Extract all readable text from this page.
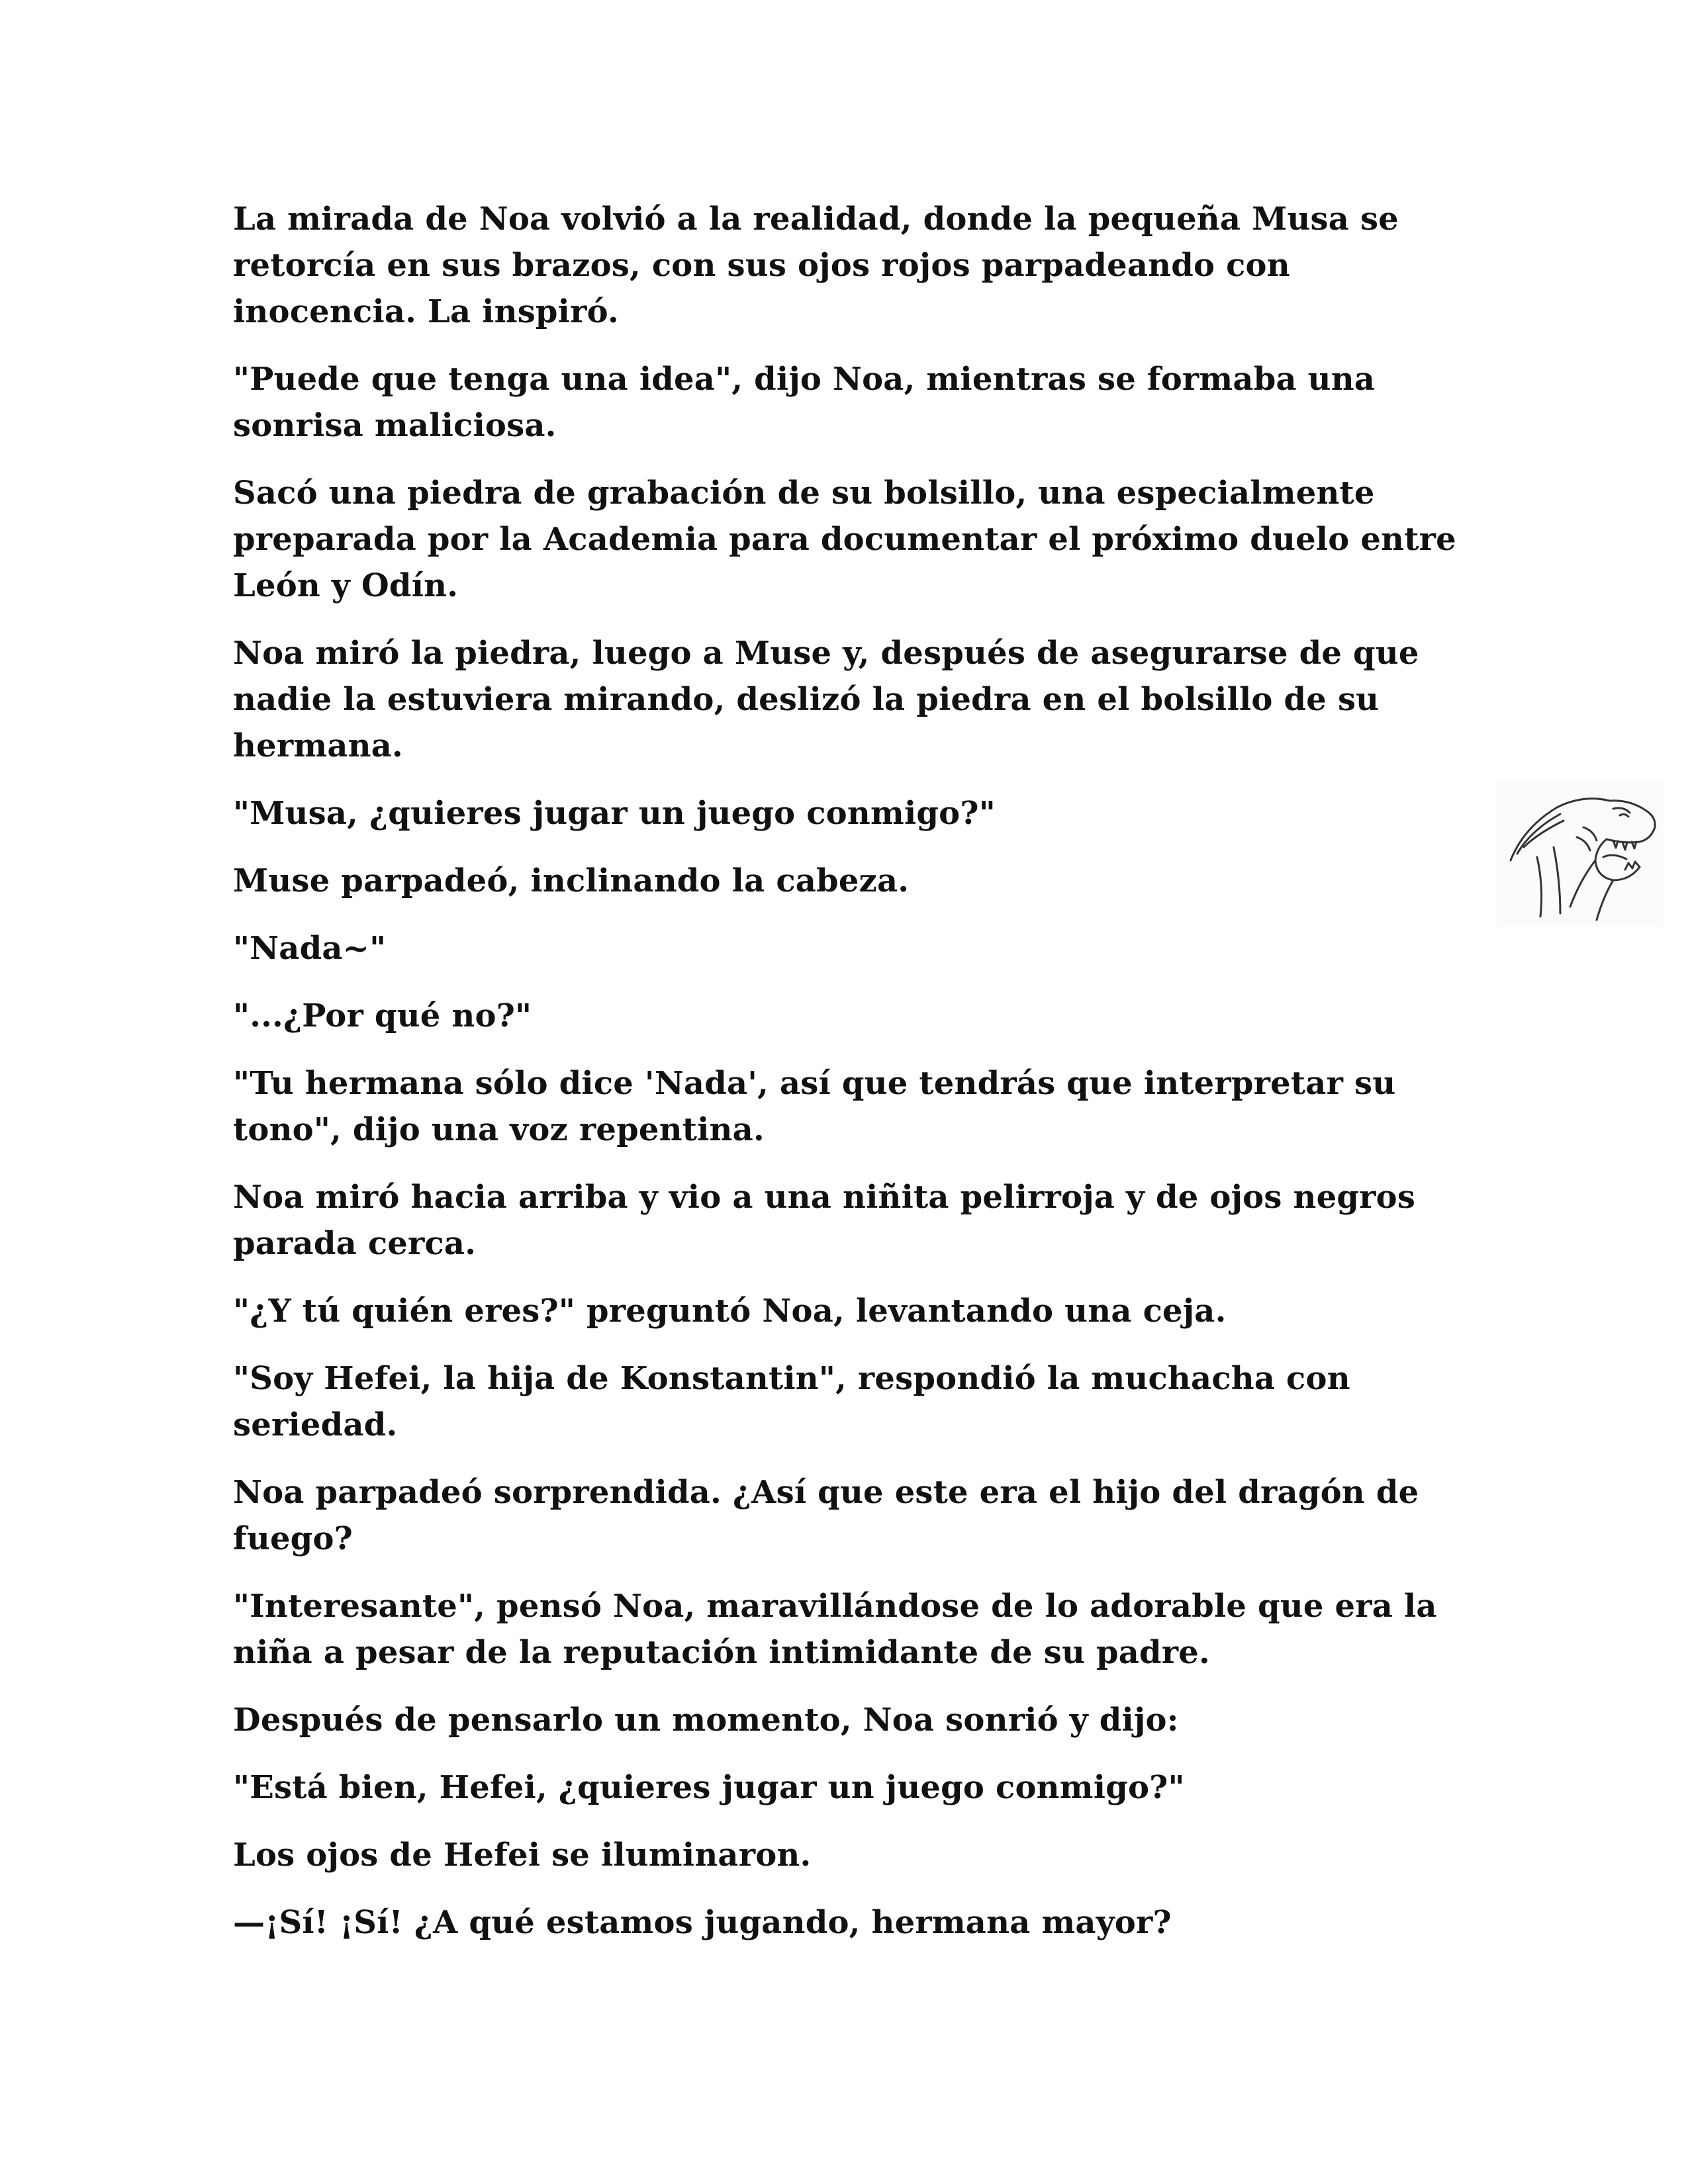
La mirada de Noa volvió a la realidad, donde la pequeña Musa se retorcía en sus brazos, con sus ojos rojos parpadeando con inocencia. La inspiró.

"Puede que tenga una idea", dijo Noa, mientras se formaba una sonrisa maliciosa.

Sacó una piedra de grabación de su bolsillo, una especialmente preparada por la Academia para documentar el próximo duelo entre León y Odín.

Noa miró la piedra, luego a Muse y, después de asegurarse de que nadie la estuviera mirando, deslizó la piedra en el bolsillo de su hermana.

"Musa, ¿quieres jugar un juego conmigo?"

Muse parpadeó, inclinando la cabeza.

"Nada~"

"...¿Por qué no?"

"Tu hermana sólo dice 'Nada', así que tendrás que interpretar su tono", dijo una voz repentina.

Noa miró hacia arriba y vio a una niñita pelirroja y de ojos negros parada cerca.

"¿Y tú quién eres?" preguntó Noa, levantando una ceja.

"Soy Hefei, la hija de Konstantin", respondió la muchacha con seriedad.

Noa parpadeó sorprendida. ¿Así que este era el hijo del dragón de fuego?

"Interesante", pensó Noa, maravillándose de lo adorable que era la niña a pesar de la reputación intimidante de su padre.

Después de pensarlo un momento, Noa sonrió y dijo:

"Está bien, Hefei, ¿quieres jugar un juego conmigo?"

Los ojos de Hefei se iluminaron.

—¡Sí! ¡Sí! ¿A qué estamos jugando, hermana mayor?
